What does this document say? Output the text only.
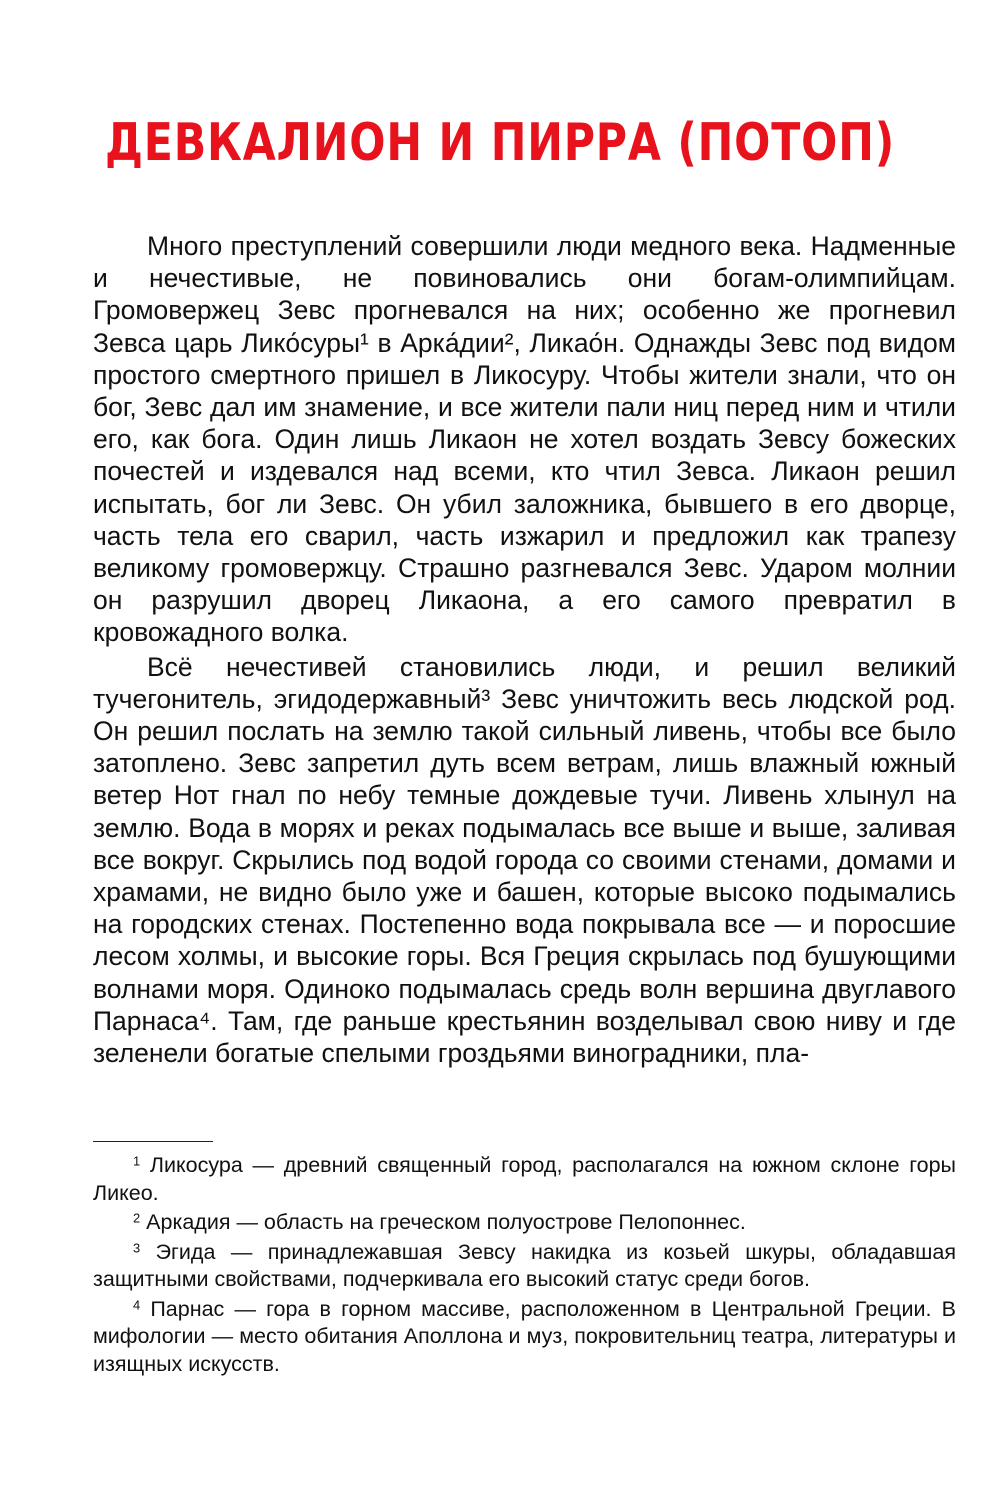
ДЕВКАЛИОН И ПИРРА (ПОТОП)

Много преступлений совершили люди медного века. Надменные и нечестивые, не повиновались они богам-олимпийцам. Громовержец Зевс прогневался на них; особенно же прогневил Зевса царь Лико́суры¹ в Арка́дии², Ликао́н. Однажды Зевс под видом простого смертного пришел в Ликосуру. Чтобы жители знали, что он бог, Зевс дал им знамение, и все жители пали ниц перед ним и чтили его, как бога. Один лишь Ликаон не хотел воздать Зевсу божеских почестей и издевался над всеми, кто чтил Зевса. Ликаон решил испытать, бог ли Зевс. Он убил заложника, бывшего в его дворце, часть тела его сварил, часть изжарил и предложил как трапезу великому громовержцу. Страшно разгневался Зевс. Ударом молнии он разрушил дворец Ликаона, а его самого превратил в кровожадного волка.

Всё нечестивей становились люди, и решил великий тучегонитель, эгидодержавный³ Зевс уничтожить весь людской род. Он решил послать на землю такой сильный ливень, чтобы все было затоплено. Зевс запретил дуть всем ветрам, лишь влажный южный ветер Нот гнал по небу темные дождевые тучи. Ливень хлынул на землю. Вода в морях и реках подымалась все выше и выше, заливая все вокруг. Скрылись под водой города со своими стенами, домами и храмами, не видно было уже и башен, которые высоко подымались на городских стенах. Постепенно вода покрывала все — и поросшие лесом холмы, и высокие горы. Вся Греция скрылась под бушующими волнами моря. Одиноко подымалась средь волн вершина двуглавого Парнаса⁴. Там, где раньше крестьянин возделывал свою ниву и где зеленели богатые спелыми гроздьями виноградники, пла-

$^1$ Ликосура — древний священный город, располагался на южном склоне горы Ликео.

$^2$ Аркадия — область на греческом полуострове Пелопоннес.

$^3$ Эгида — принадлежавшая Зевсу накидка из козьей шкуры, обладавшая защитными свойствами, подчеркивала его высокий статус среди богов.

$^4$ Парнас — гора в горном массиве, расположенном в Центральной Греции. В мифологии — место обитания Аполлона и муз, покровительниц театра, литературы и изящных искусств.
